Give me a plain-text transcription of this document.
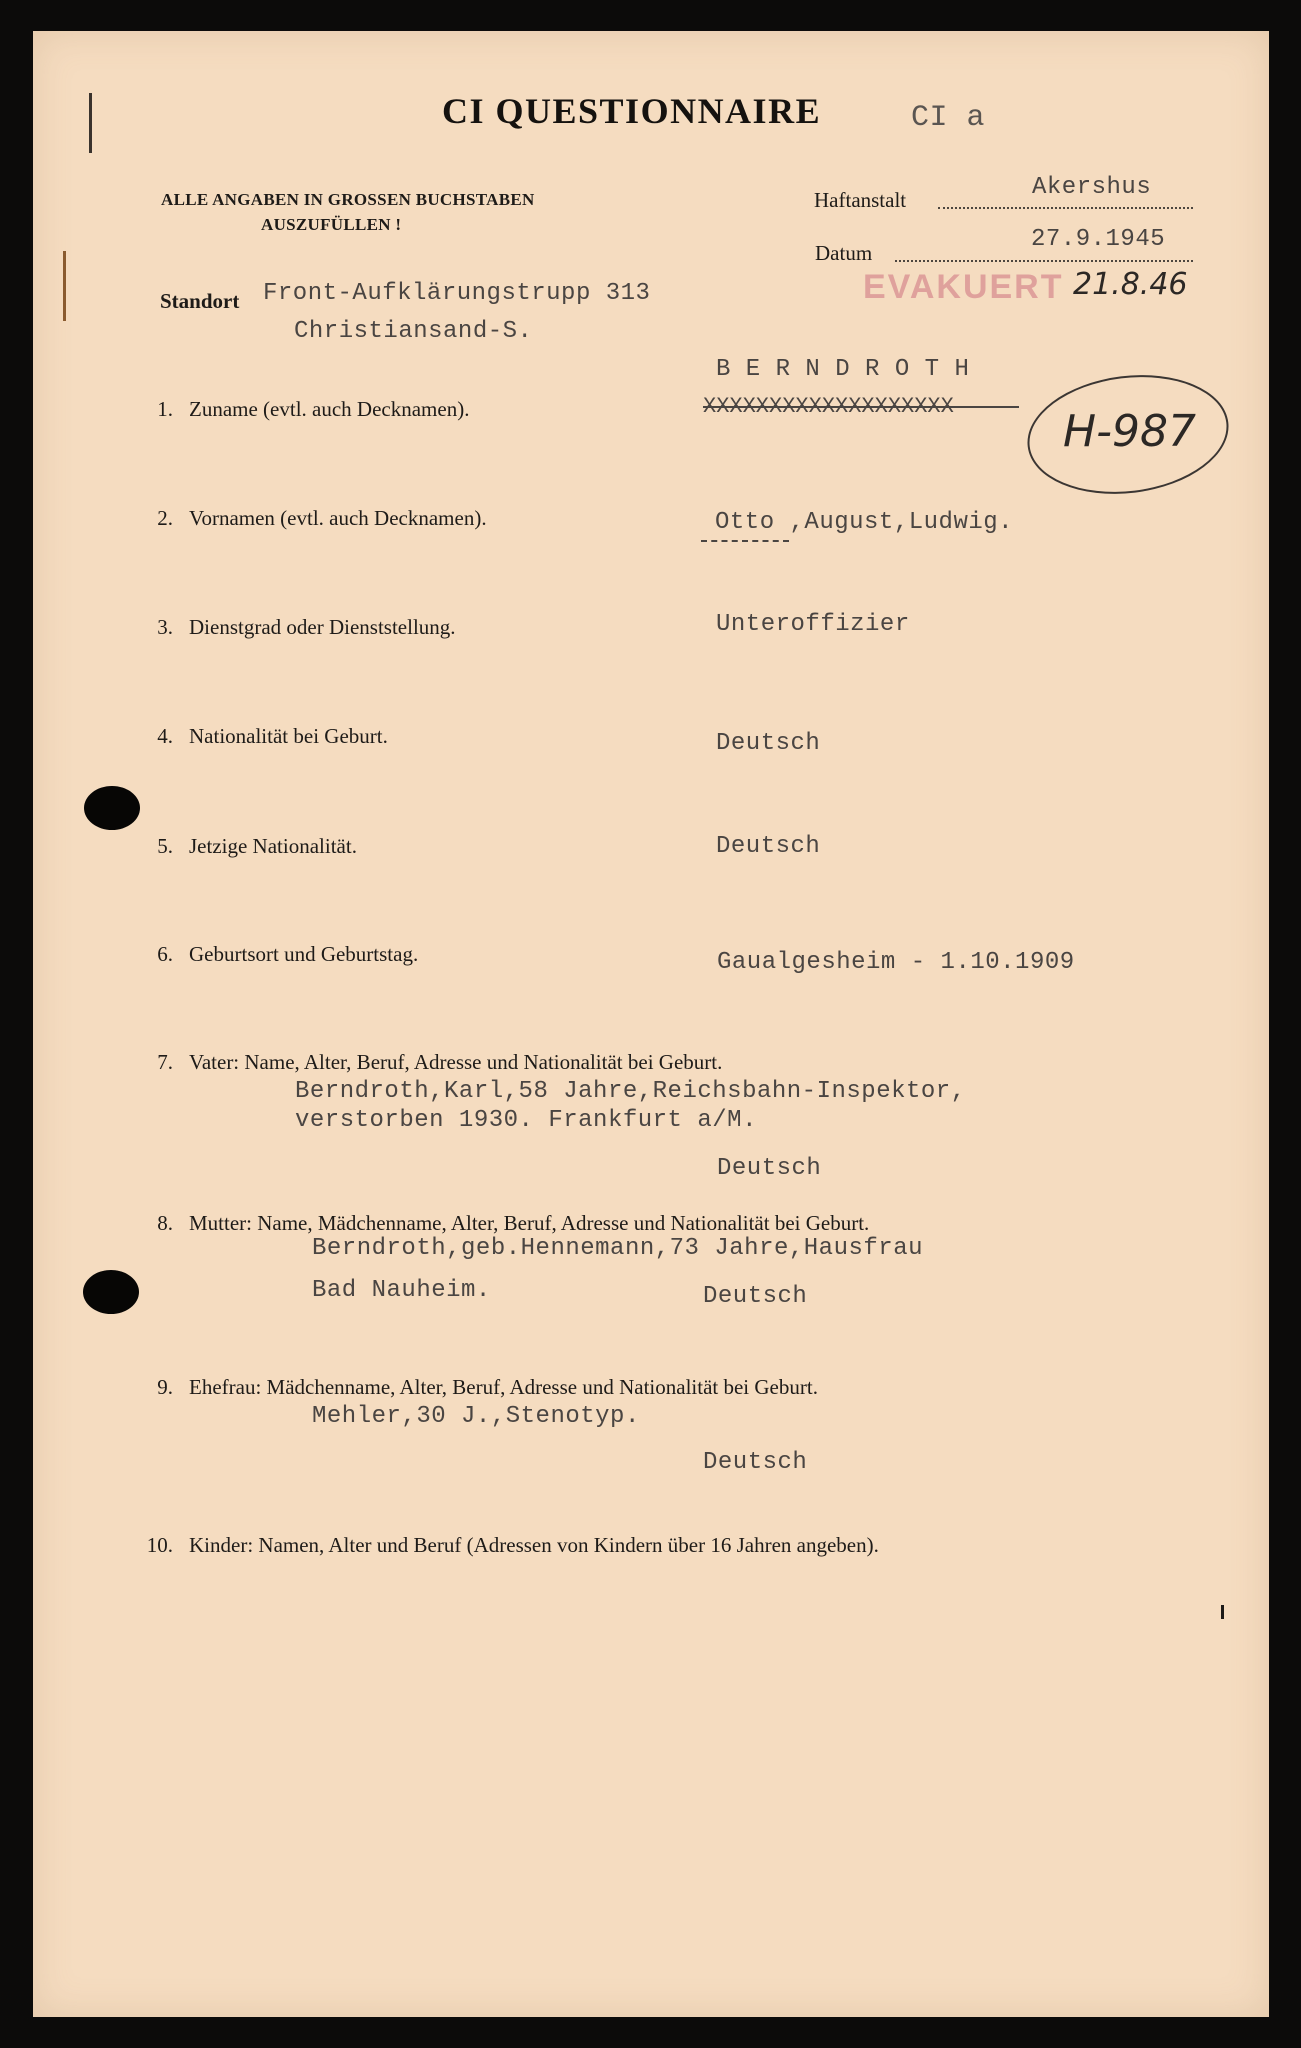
CI QUESTIONNAIRE	CI a
ALLE ANGABEN IN GROSSEN BUCHSTABEN
AUSZUFÜLLEN !
Haftanstalt	Akershus
Datum	27.9.1945
EVAKUERT 21.8.46
Standort Front-Aufklärungstrupp 313
Christiansand-S.
H-987
1. Zuname (evtl. auch Decknamen).
B E R N D R O T H
XXXXXXXXXXXXXXXXXXX
2. Vornamen (evtl. auch Decknamen).	Otto ,August,Ludwig.
3. Dienstgrad oder Dienststellung.	Unteroffizier
4. Nationalität bei Geburt.	Deutsch
5. Jetzige Nationalität.	Deutsch
6. Geburtsort und Geburtstag.	Gaualgesheim - 1.10.1909
7. Vater: Name, Alter, Beruf, Adresse und Nationalität bei Geburt.
Berndroth,Karl,58 Jahre,Reichsbahn-Inspektor,
verstorben 1930. Frankfurt a/M.
Deutsch
8. Mutter: Name, Mädchenname, Alter, Beruf, Adresse und Nationalität bei Geburt.
Berndroth,geb.Hennemann,73 Jahre,Hausfrau
Bad Nauheim.	Deutsch
9. Ehefrau: Mädchenname, Alter, Beruf, Adresse und Nationalität bei Geburt.
Mehler,30 J.,Stenotyp.
Deutsch
10. Kinder: Namen, Alter und Beruf (Adressen von Kindern über 16 Jahren angeben).
